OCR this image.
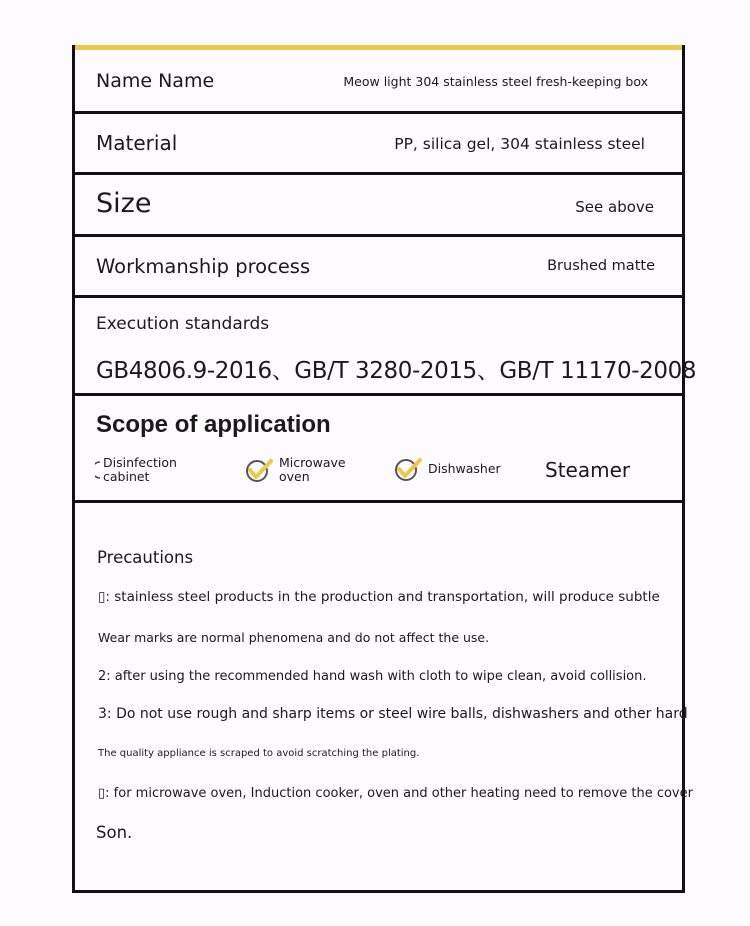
Name Name	Meow light 304 stainless steel fresh-keeping box
Material	PP, silica gel, 304 stainless steel
Size	See above
Workmanship process	Brushed matte
Execution standards
GB4806.9-2016、GB/T 3280-2015、GB/T 11170-2008
Scope of application
Disinfection cabinet
Microwave oven
Dishwasher	Steamer
Precautions
▯: stainless steel products in the production and transportation, will produce subtle
Wear marks are normal phenomena and do not affect the use.
2: after using the recommended hand wash with cloth to wipe clean, avoid collision.
3: Do not use rough and sharp items or steel wire balls, dishwashers and other hard
The quality appliance is scraped to avoid scratching the plating.
▯: for microwave oven, Induction cooker, oven and other heating need to remove the cover
Son.
